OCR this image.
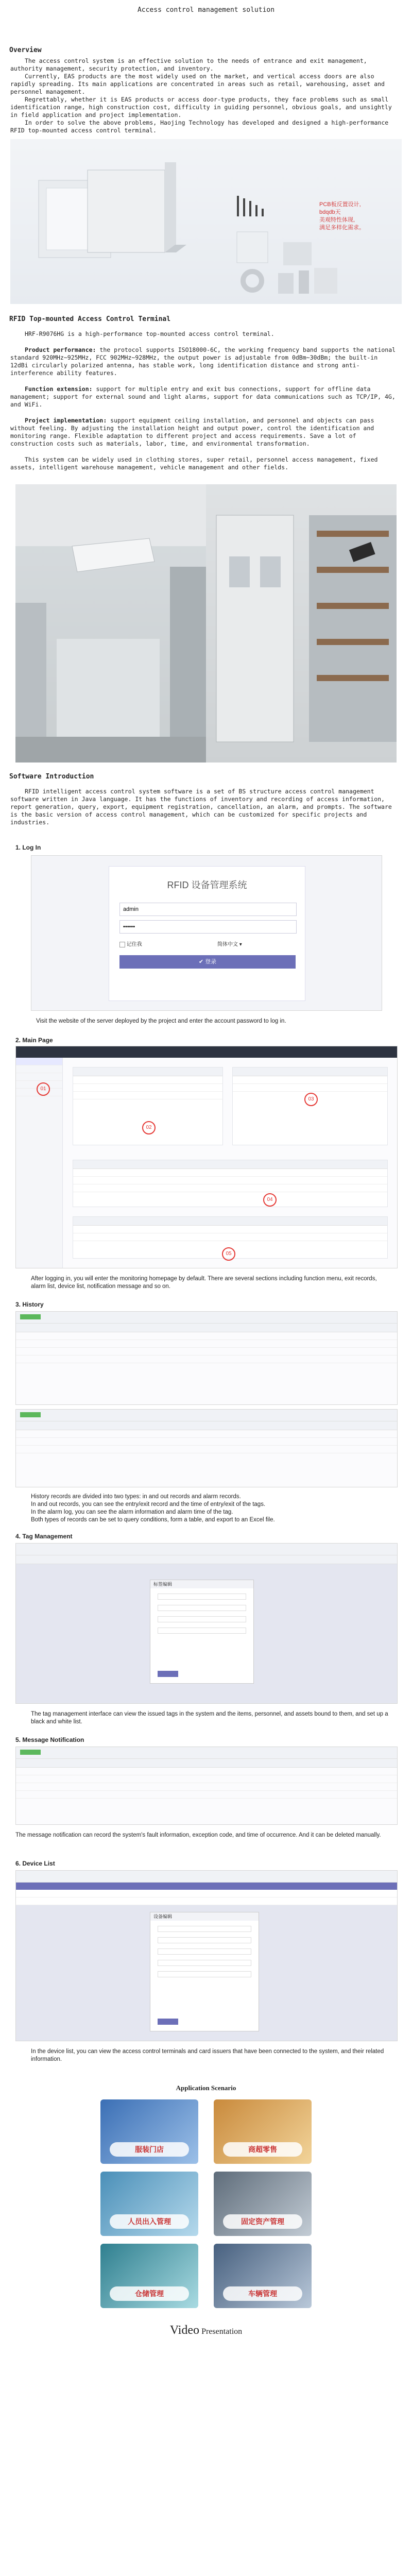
Access control management solution
Overview
The access control system is an effective solution to the needs of entrance and exit management, authority management, security protection, and inventory.
Currently, EAS products are the most widely used on the market, and vertical access doors are also rapidly spreading. Its main applications are concentrated in areas such as retail, warehousing, asset and personnel management.
Regrettably, whether it is EAS products or access door-type products, they face problems such as small identification range, high construction cost, difficulty in guiding personnel, obvious goals, and unsightly in field application and project implementation.
In order to solve the above problems, Haojing Technology has developed and designed a high-performance RFID top-mounted access control terminal.
PCB板反置设计,
bdqdb天
美观特性体现,
满足多样化需求。
RFID Top-mounted Access Control Terminal
HRF-R9076HG is a high-performance top-mounted access control terminal.
Product performance: the protocol supports ISO18000-6C, the working frequency band supports the national standard 920MHz~925MHz, FCC 902MHz~928MHz, the output power is adjustable from 0dBm~30dBm; the built-in 12dBi circularly polarized antenna, has stable work, long identification distance and strong anti-interference ability features.
Function extension: support for multiple entry and exit bus connections, support for offline data management; support for external sound and light alarms, support for data communications such as TCP/IP, 4G, and WiFi.
Project implementation: support equipment ceiling installation, and personnel and objects can pass without feeling. By adjusting the installation height and output power, control the identification and monitoring range. Flexible adaptation to different project and access requirements. Save a lot of construction costs such as materials, labor, time, and environmental transformation.
This system can be widely used in clothing stores, super retail, personnel access management, fixed assets, intelligent warehouse management, vehicle management and other fields.
Software Introduction
RFID intelligent access control system software is a set of BS structure access control management software written in Java language. It has the functions of inventory and recording of access information, report generation, query, export, equipment registration, cancellation, an alarm, and prompts. The software is the basic version of access control management, which can be customized for specific projects and industries.
1. Log In
RFID 设备管理系统
admin
••••••
记住我	简体中文 ▾
✔ 登录
Visit the website of the server deployed by the project and enter the account password to log in.
2. Main Page
01
02
03
04
05
After logging in, you will enter the monitoring homepage by default. There are several sections including function menu, exit records, alarm list, device list, notification message and so on.
3. History
History records are divided into two types: in and out records and alarm records.
In and out records, you can see the entry/exit record and the time of entry/exit of the tags.
In the alarm log, you can see the alarm information and alarm time of the tag.
Both types of records can be set to query conditions, form a table, and export to an Excel file.
4. Tag Management
标签编辑
The tag management interface can view the issued tags in the system and the items, personnel, and assets bound to them, and set up a black and white list.
5. Message Notification
The message notification can record the system's fault information, exception code, and time of occurrence. And it can be deleted manually.
6. Device List
设备编辑
In the device list, you can view the access control terminals and card issuers that have been connected to the system, and their related information.
Application Scenario
服装门店	商超零售
人员出入管理	固定资产管理
仓储管理	车辆管理
Video Presentation
